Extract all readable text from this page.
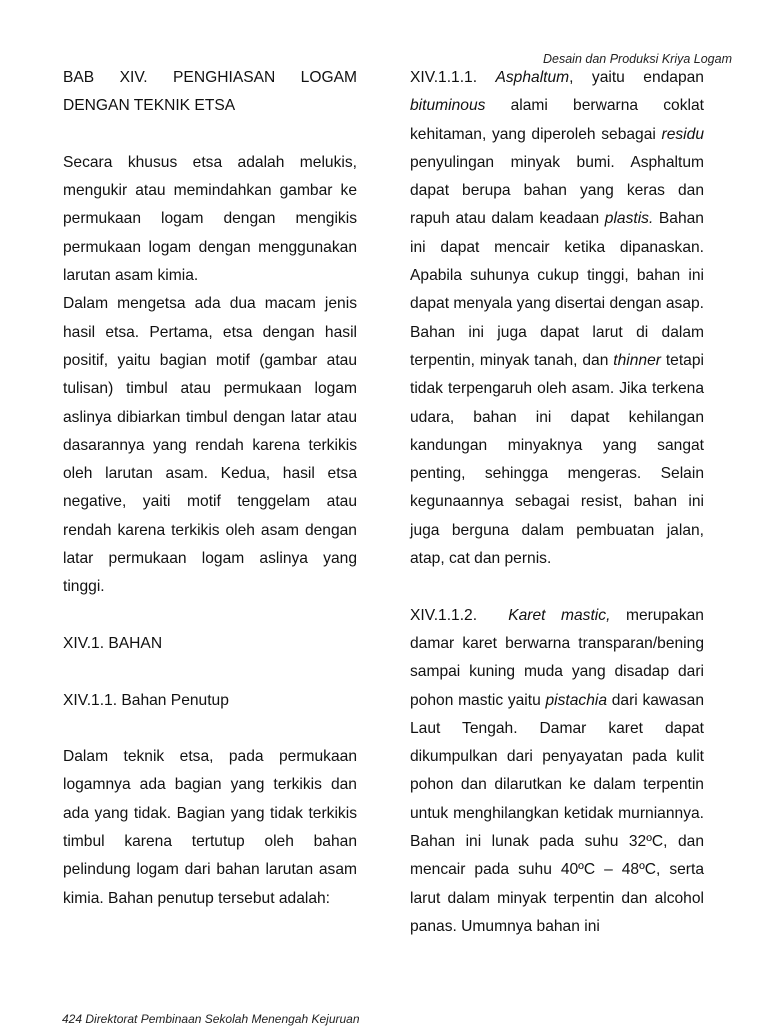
Desain dan Produksi Kriya Logam

BAB XIV. PENGHIASAN LOGAM DENGAN TEKNIK ETSA

Secara khusus etsa adalah melukis, mengukir atau memindahkan gambar ke permukaan logam dengan mengikis permukaan logam dengan menggunakan larutan asam kimia.

Dalam mengetsa ada dua macam jenis hasil etsa. Pertama, etsa dengan hasil positif, yaitu bagian motif (gambar atau tulisan) timbul atau permukaan logam aslinya dibiarkan timbul dengan latar atau dasarannya yang rendah karena terkikis oleh larutan asam. Kedua, hasil etsa negative, yaiti motif tenggelam atau rendah karena terkikis oleh asam dengan latar permukaan logam aslinya yang tinggi.

XIV.1. BAHAN

XIV.1.1. Bahan Penutup

Dalam teknik etsa, pada permukaan logamnya ada bagian yang terkikis dan ada yang tidak. Bagian yang tidak terkikis timbul karena tertutup oleh bahan pelindung logam dari bahan larutan asam kimia. Bahan penutup tersebut adalah:

XIV.1.1.1. Asphaltum, yaitu endapan bituminous alami berwarna coklat kehitaman, yang diperoleh sebagai residu penyulingan minyak bumi. Asphaltum dapat berupa bahan yang keras dan rapuh atau dalam keadaan plastis. Bahan ini dapat mencair ketika dipanaskan. Apabila suhunya cukup tinggi, bahan ini dapat menyala yang disertai dengan asap. Bahan ini juga dapat larut di dalam terpentin, minyak tanah, dan thinner tetapi tidak terpengaruh oleh asam. Jika terkena udara, bahan ini dapat kehilangan kandungan minyaknya yang sangat penting, sehingga mengeras. Selain kegunaannya sebagai resist, bahan ini juga berguna dalam pembuatan jalan, atap, cat dan pernis.

XIV.1.1.2. Karet mastic, merupakan damar karet berwarna transparan/bening sampai kuning muda yang disadap dari pohon mastic yaitu pistachia dari kawasan Laut Tengah. Damar karet dapat dikumpulkan dari penyayatan pada kulit pohon dan dilarutkan ke dalam terpentin untuk menghilangkan ketidak murniannya. Bahan ini lunak pada suhu 32ºC, dan mencair pada suhu 40ºC – 48ºC, serta larut dalam minyak terpentin dan alcohol panas. Umumnya bahan ini

424 Direktorat Pembinaan Sekolah Menengah Kejuruan
